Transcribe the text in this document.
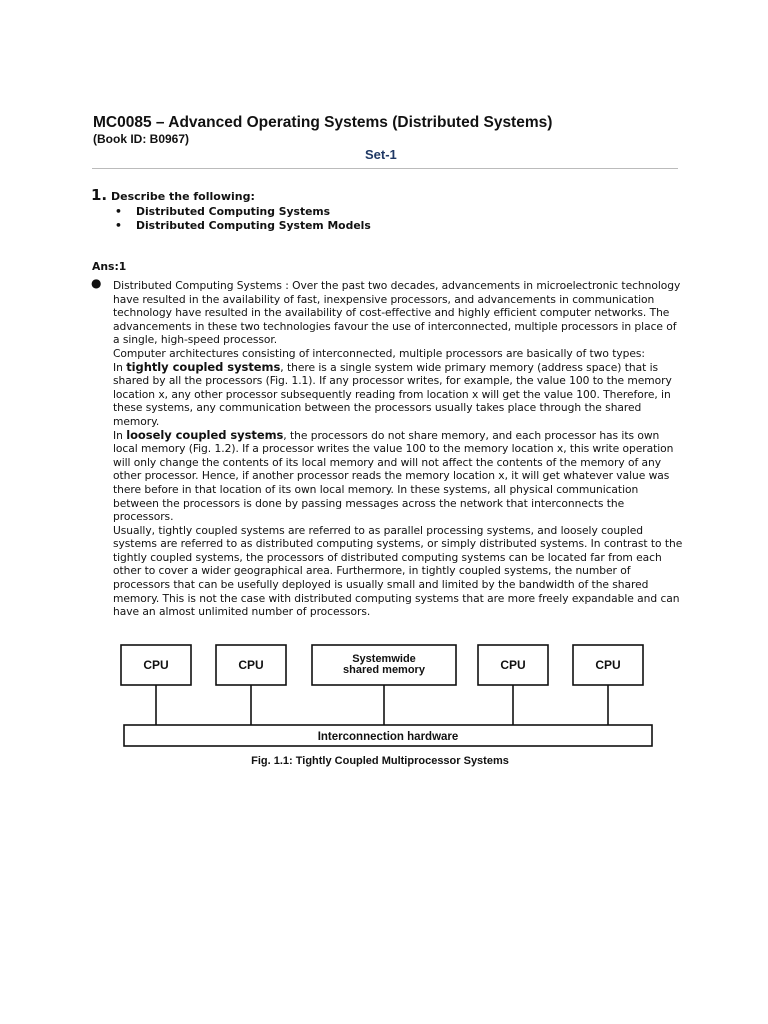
MC0085 – Advanced Operating Systems (Distributed Systems)
(Book ID: B0967)
Set-1
1. Describe the following:
• Distributed Computing Systems
• Distributed Computing System Models
Ans:1
● Distributed Computing Systems : Over the past two decades, advancements in microelectronic technology have resulted in the availability of fast, inexpensive processors, and advancements in communication technology have resulted in the availability of cost-effective and highly efficient computer networks. The advancements in these two technologies favour the use of interconnected, multiple processors in place of a single, high-speed processor.

Computer architectures consisting of interconnected, multiple processors are basically of two types:

In tightly coupled systems, there is a single system wide primary memory (address space) that is shared by all the processors (Fig. 1.1). If any processor writes, for example, the value 100 to the memory location x, any other processor subsequently reading from location x will get the value 100. Therefore, in these systems, any communication between the processors usually takes place through the shared memory.

In loosely coupled systems, the processors do not share memory, and each processor has its own local memory (Fig. 1.2). If a processor writes the value 100 to the memory location x, this write operation will only change the contents of its local memory and will not affect the contents of the memory of any other processor. Hence, if another processor reads the memory location x, it will get whatever value was there before in that location of its own local memory. In these systems, all physical communication between the processors is done by passing messages across the network that interconnects the processors.

Usually, tightly coupled systems are referred to as parallel processing systems, and loosely coupled systems are referred to as distributed computing systems, or simply distributed systems. In contrast to the tightly coupled systems, the processors of distributed computing systems can be located far from each other to cover a wider geographical area. Furthermore, in tightly coupled systems, the number of processors that can be usefully deployed is usually small and limited by the bandwidth of the shared memory. This is not the case with distributed computing systems that are more freely expandable and can have an almost unlimited number of processors.

CPU	CPU	Systemwide
shared memory	CPU	CPU
Interconnection hardware
Fig. 1.1: Tightly Coupled Multiprocessor Systems
